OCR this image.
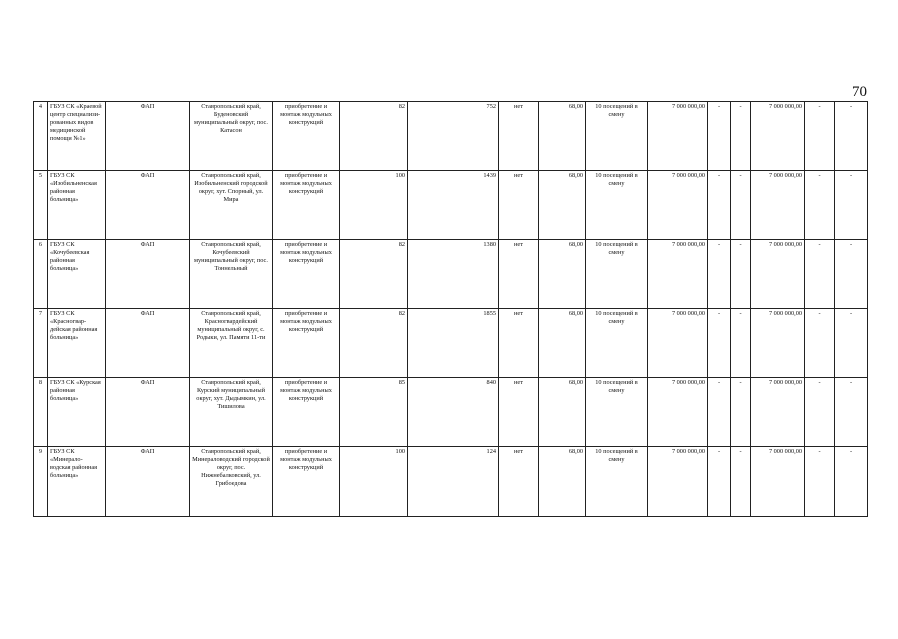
70
4	ГБУЗ СК «Краевой центр специализи-рованных видов медицинской помощи №1»	ФАП	Ставропольский край, Буденовский муниципальный округ, пос. Катасон	приобретение и монтаж модульных конструкций	82	752	нет	68,00	10 посещений в смену	7 000 000,00	-	-	7 000 000,00	-	-
5	ГБУЗ СК «Изобильненская районная больница»	ФАП	Ставропольский край, Изобильненский городской округ, хут. Спорный, ул. Мира	приобретение и монтаж модульных конструкций	100	1439	нет	68,00	10 посещений в смену	7 000 000,00	-	-	7 000 000,00	-	-
6	ГБУЗ СК «Кочубеевская районная больница»	ФАП	Ставропольский край, Кочубеевский муниципальный округ, пос. Тоннельный	приобретение и монтаж модульных конструкций	82	1380	нет	68,00	10 посещений в смену	7 000 000,00	-	-	7 000 000,00	-	-
7	ГБУЗ СК «Красногвар-дейская районная больница»	ФАП	Ставропольский край, Красногвардейский муниципальный округ, с. Родыки, ул. Памяти 11-ти	приобретение и монтаж модульных конструкций	82	1855	нет	68,00	10 посещений в смену	7 000 000,00	-	-	7 000 000,00	-	-
8	ГБУЗ СК «Курская районная больница»	ФАП	Ставропольский край, Курский муниципальный округ, хут. Дыдымкин, ул. Тишилова	приобретение и монтаж модульных конструкций	85	840	нет	68,00	10 посещений в смену	7 000 000,00	-	-	7 000 000,00	-	-
9	ГБУЗ СК «Минерало-водская районная больница»	ФАП	Ставропольский край, Минераловодский городской округ, пос. Нижнебалковский, ул. Грибоедова	приобретение и монтаж модульных конструкций	100	124	нет	68,00	10 посещений в смену	7 000 000,00	-	-	7 000 000,00	-	-
